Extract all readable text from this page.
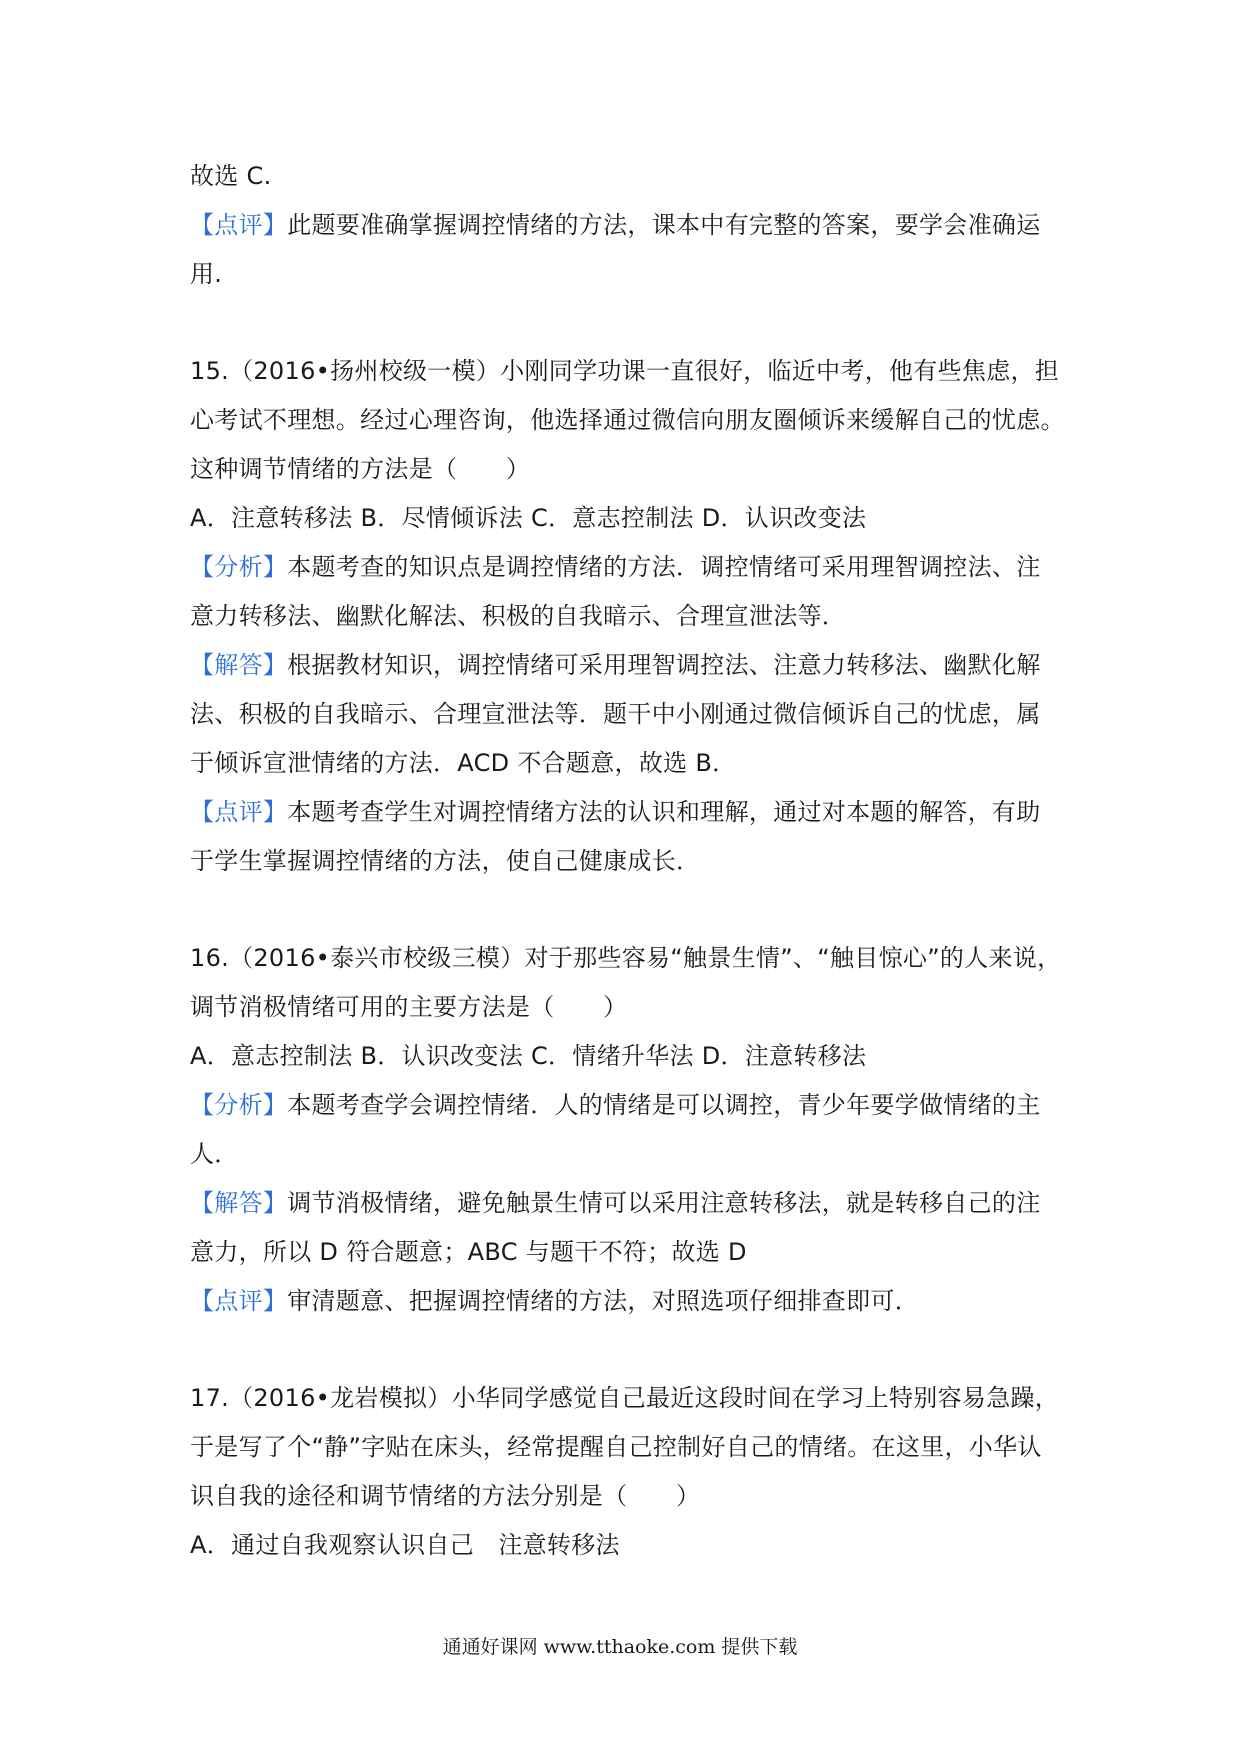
故选 C.
【点评】此题要准确掌握调控情绪的方法，课本中有完整的答案，要学会准确运
用.
15.（2016•扬州校级一模）小刚同学功课一直很好，临近中考，他有些焦虑，担
心考试不理想。经过心理咨询，他选择通过微信向朋友圈倾诉来缓解自己的忧虑。
这种调节情绪的方法是（　　）
A．注意转移法 B．尽情倾诉法 C．意志控制法 D．认识改变法
【分析】本题考查的知识点是调控情绪的方法．调控情绪可采用理智调控法、注
意力转移法、幽默化解法、积极的自我暗示、合理宣泄法等．
【解答】根据教材知识，调控情绪可采用理智调控法、注意力转移法、幽默化解
法、积极的自我暗示、合理宣泄法等．题干中小刚通过微信倾诉自己的忧虑，属
于倾诉宣泄情绪的方法．ACD 不合题意，故选 B．
【点评】本题考查学生对调控情绪方法的认识和理解，通过对本题的解答，有助
于学生掌握调控情绪的方法，使自己健康成长．
16.（2016•泰兴市校级三模）对于那些容易“触景生情”、“触目惊心”的人来说，
调节消极情绪可用的主要方法是（　　）
A．意志控制法 B．认识改变法 C．情绪升华法 D．注意转移法
【分析】本题考查学会调控情绪．人的情绪是可以调控，青少年要学做情绪的主
人．
【解答】调节消极情绪，避免触景生情可以采用注意转移法，就是转移自己的注
意力，所以 D 符合题意；ABC 与题干不符；故选 D
【点评】审清题意、把握调控情绪的方法，对照选项仔细排查即可．
17.（2016•龙岩模拟）小华同学感觉自己最近这段时间在学习上特别容易急躁，
于是写了个“静”字贴在床头，经常提醒自己控制好自己的情绪。在这里，小华认
识自我的途径和调节情绪的方法分别是（　　）
A．通过自我观察认识自己　注意转移法
通通好课网 www.tthaoke.com 提供下载
